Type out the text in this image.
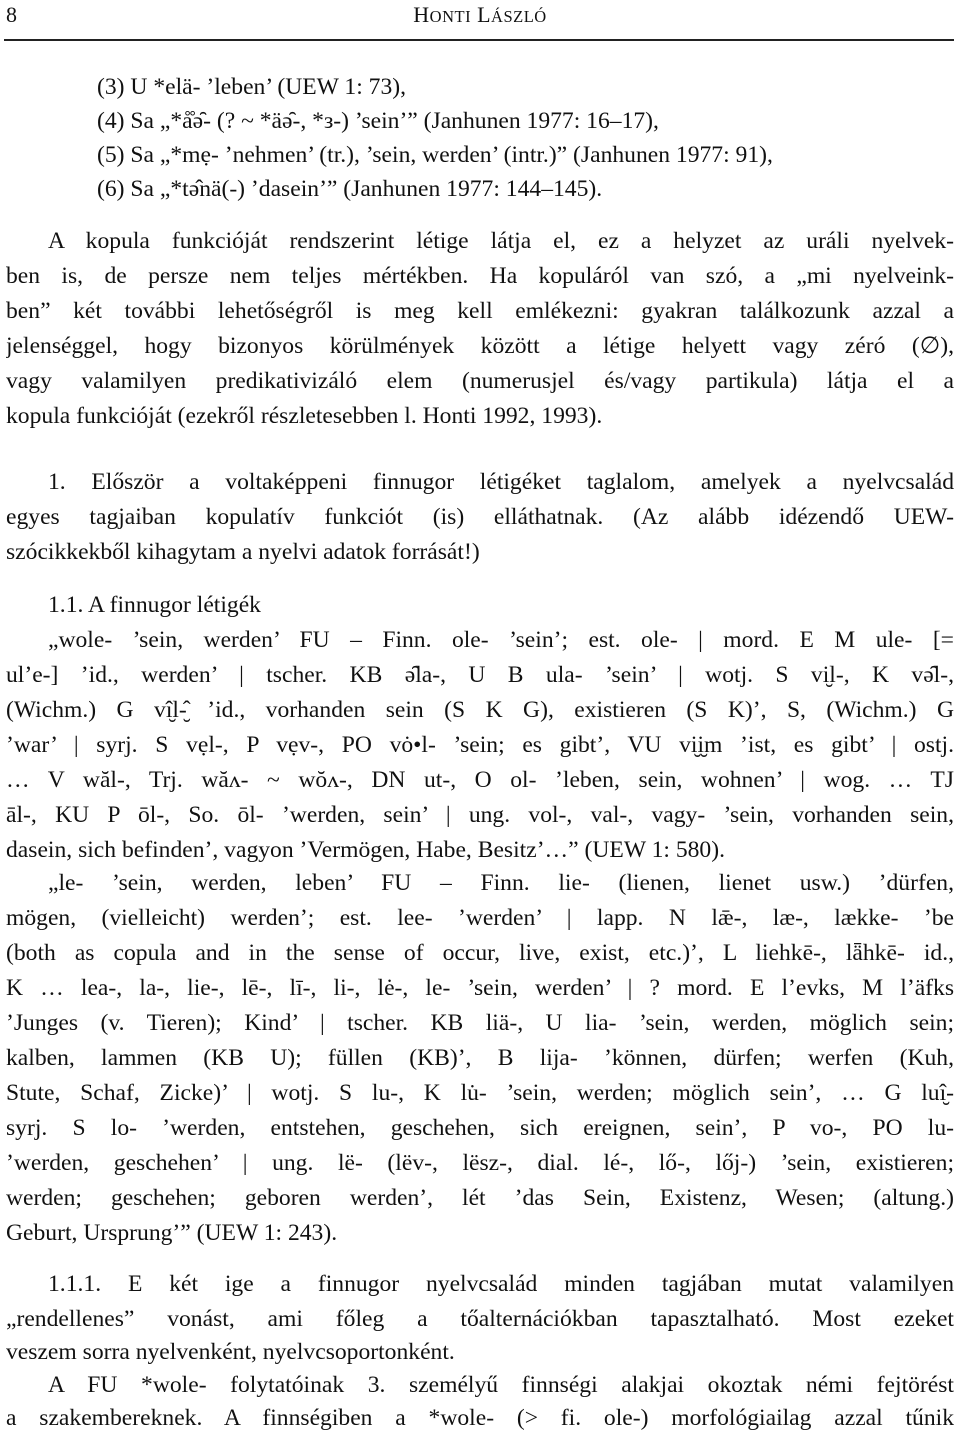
8	HONTI LÁSZLÓ
(3) U *elä- ’leben’ (UEW 1: 73),
(4) Sa „*å̊ə̑- (? ~ *äə̑-, *з-) ’sein’” (Janhunen 1977: 16–17),
(5) Sa „*mẹ- ’nehmen’ (tr.), ’sein, werden’ (intr.)” (Janhunen 1977: 91),
(6) Sa „*tə̂nä(-) ’dasein’” (Janhunen 1977: 144–145).
A kopula funkcióját rendszerint létige látja el, ez a helyzet az uráli nyelvek-
ben is, de persze nem teljes mértékben. Ha kopuláról van szó, a „mi nyelveink-
ben” két további lehetőségről is meg kell emlékezni: gyakran találkozunk azzal a
jelenséggel, hogy bizonyos körülmények között a létige helyett vagy zéró (∅),
vagy valamilyen predikativizáló elem (numerusjel és/vagy partikula) látja el a
kopula funkcióját (ezekről részletesebben l. Honti 1992, 1993).
1. Először a voltaképpeni finnugor létigéket taglalom, amelyek a nyelvcsalád
egyes tagjaiban kopulatív funkciót (is) elláthatnak. (Az alább idézendő UEW-
szócikkekből kihagytam a nyelvi adatok forrását!)
1.1. A finnugor létigék
„wole- ’sein, werden’ FU – Finn. ole- ’sein’; est. ole- | mord. E M ule- [=
ul’e-] ’id., werden’ | tscher. KB ə̑la-, U B ula- ’sein’ | wotj. S vi̮l-, K və̑l-,
(Wichm.) G vî̮l-̮̂ ’id., vorhanden sein (S K G), existieren (S K)’, S, (Wichm.) G
’war’ | syrj. S vẹl-, P vẹv-, PO vȯ•l- ’sein; es gibt’, VU vi̮i̮m ’ist, es gibt’ | ostj.
… V wăl-, Trj. wăʌ- ~ wŏʌ-, DN ut-, O ol- ’leben, sein, wohnen’ | wog. … TJ
āl-, KU P ōl-, So. ōl- ’werden, sein’ | ung. vol-, val-, vagy- ’sein, vorhanden sein,
dasein, sich befinden’, vagyon ’Vermögen, Habe, Besitz’…” (UEW 1: 580).
„le- ’sein, werden, leben’ FU – Finn. lie- (lienen, lienet usw.) ’dürfen,
mögen, (vielleicht) werden’; est. lee- ’werden’ | lapp. N lǣ-, læ-, lække- ’be
(both as copula and in the sense of occur, live, exist, etc.)’, L liehkē-, lǟhkē- id.,
K … lea-, la-, lie-, lē-, lī-, li-, lė-, le- ’sein, werden’ | ? mord. E l’evks, M l’äfks
’Junges (v. Tieren); Kind’ | tscher. KB liä-, U lia- ’sein, werden, möglich sein;
kalben, lammen (KB U); füllen (KB)’, B lija- ’können, dürfen; werfen (Kuh,
Stute, Schaf, Zicke)’ | wotj. S lu-, K lu̇- ’sein, werden; möglich sein’, … G luî̮-
syrj. S lo- ’werden, entstehen, geschehen, sich ereignen, sein’, P vo-, PO lu-
’werden, geschehen’ | ung. lë- (lëv-, lësz-, dial. lé-, lő-, lőj-) ’sein, existieren;
werden; geschehen; geboren werden’, lét ’das Sein, Existenz, Wesen; (altung.)
Geburt, Ursprung’” (UEW 1: 243).
1.1.1. E két ige a finnugor nyelvcsalád minden tagjában mutat valamilyen
„rendellenes” vonást, ami főleg a tőalternációkban tapasztalható. Most ezeket
veszem sorra nyelvenként, nyelvcsoportonként.
A FU *wole- folytatóinak 3. személyű finnségi alakjai okoztak némi fejtörést
a szakembereknek. A finnségiben a *wole- (> fi. ole-) morfológiailag azzal tűnik
